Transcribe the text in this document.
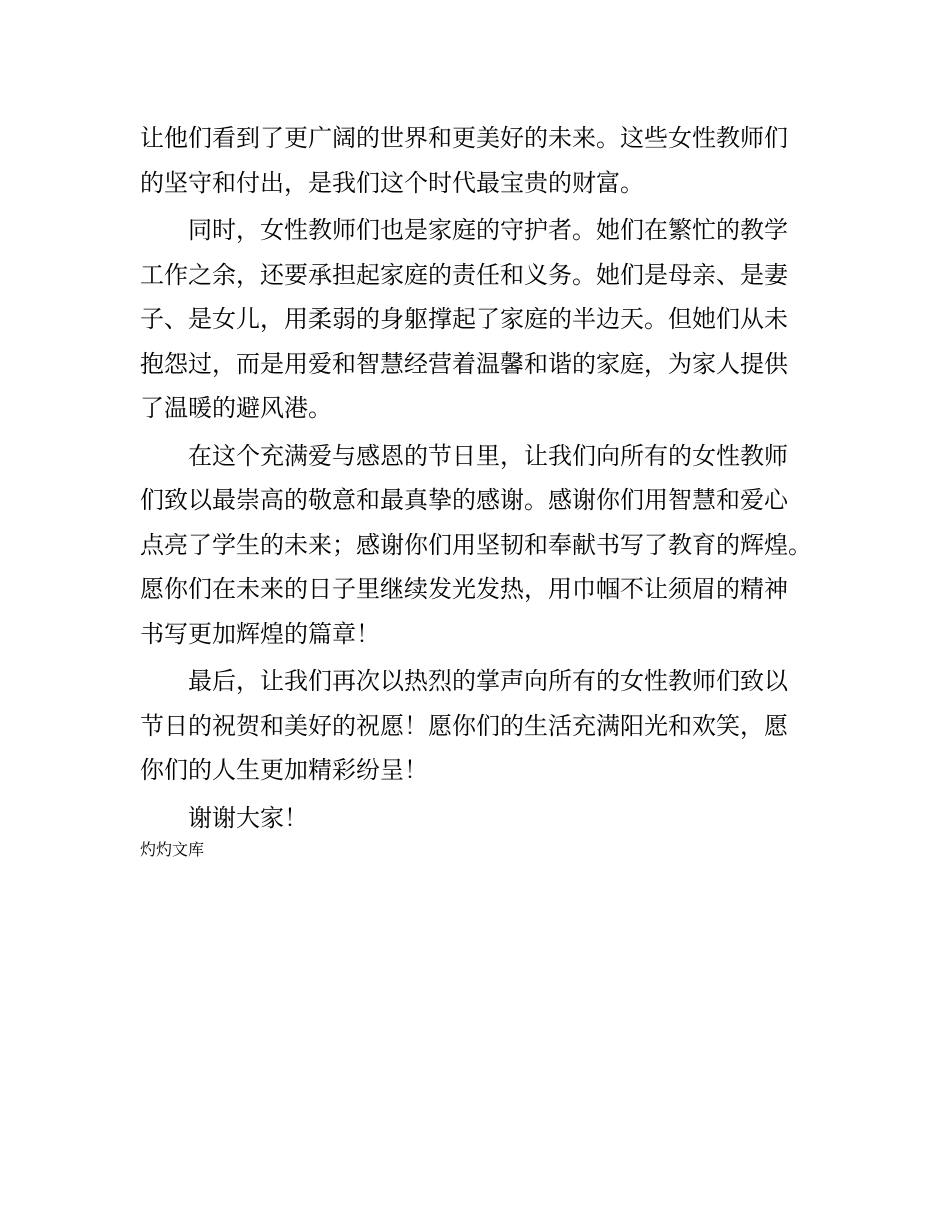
让他们看到了更广阔的世界和更美好的未来。这些女性教师们
的坚守和付出，是我们这个时代最宝贵的财富。
同时，女性教师们也是家庭的守护者。她们在繁忙的教学
工作之余，还要承担起家庭的责任和义务。她们是母亲、是妻
子、是女儿，用柔弱的身躯撑起了家庭的半边天。但她们从未
抱怨过，而是用爱和智慧经营着温馨和谐的家庭，为家人提供
了温暖的避风港。
在这个充满爱与感恩的节日里，让我们向所有的女性教师
们致以最崇高的敬意和最真挚的感谢。感谢你们用智慧和爱心
点亮了学生的未来；感谢你们用坚韧和奉献书写了教育的辉煌。
愿你们在未来的日子里继续发光发热，用巾帼不让须眉的精神
书写更加辉煌的篇章！
最后，让我们再次以热烈的掌声向所有的女性教师们致以
节日的祝贺和美好的祝愿！愿你们的生活充满阳光和欢笑，愿
你们的人生更加精彩纷呈！
谢谢大家！
灼灼文库
